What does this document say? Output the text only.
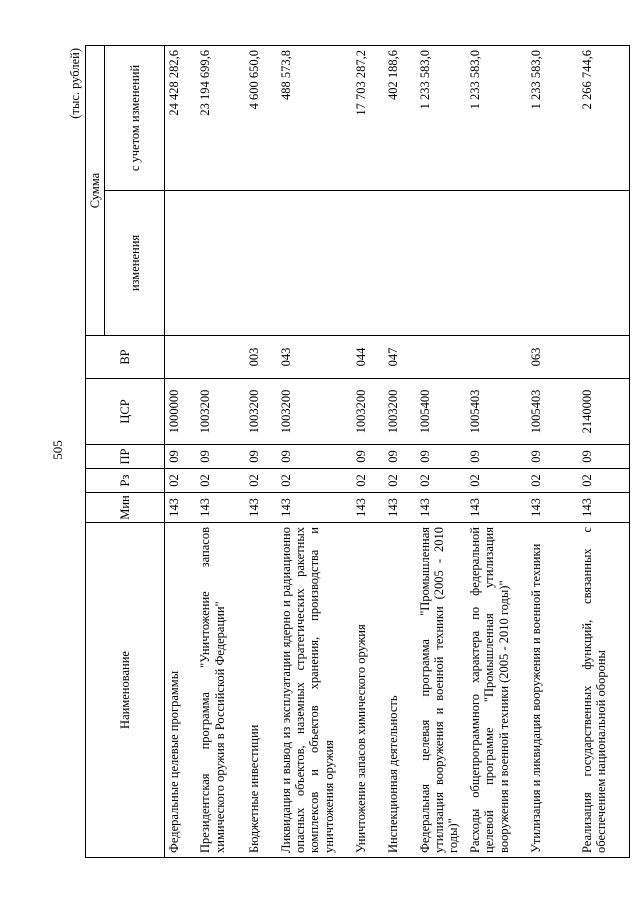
505
(тыс. рублей)
Наименование	Мин	Рз	ПР	ЦСР	ВР	Сумма	
						изменения	с учетом изменений
Федеральные целевые программы	143	02	09	1000000			24 428 282,6
Президентская программа "Уничтожение запасов химического оружия в Российской Федерации"	143	02	09	1003200			23 194 699,6
Бюджетные инвестиции	143	02	09	1003200	003		4 600 650,0
Ликвидация и вывод из эксплуатации ядерно и радиационно опасных объектов, наземных стратегических ракетных комплексов и объектов хранения, производства и уничтожения оружия	143	02	09	1003200	043		488 573,8
Уничтожение запасов химического оружия	143	02	09	1003200	044		17 703 287,2
Инспекционная деятельность	143	02	09	1003200	047		402 188,6
Федеральная целевая программа "Промышленная утилизация вооружения и военной техники (2005 - 2010 годы)"	143	02	09	1005400			1 233 583,0
Расходы общепрограммного характера по федеральной целевой программе "Промышленная утилизация вооружения и военной техники (2005 - 2010 годы)"	143	02	09	1005403			1 233 583,0
Утилизация и ликвидация вооружения и военной техники	143	02	09	1005403	063		1 233 583,0
Реализация государственных функций, связанных с обеспечением национальной обороны	143	02	09	2140000			2 266 744,6
